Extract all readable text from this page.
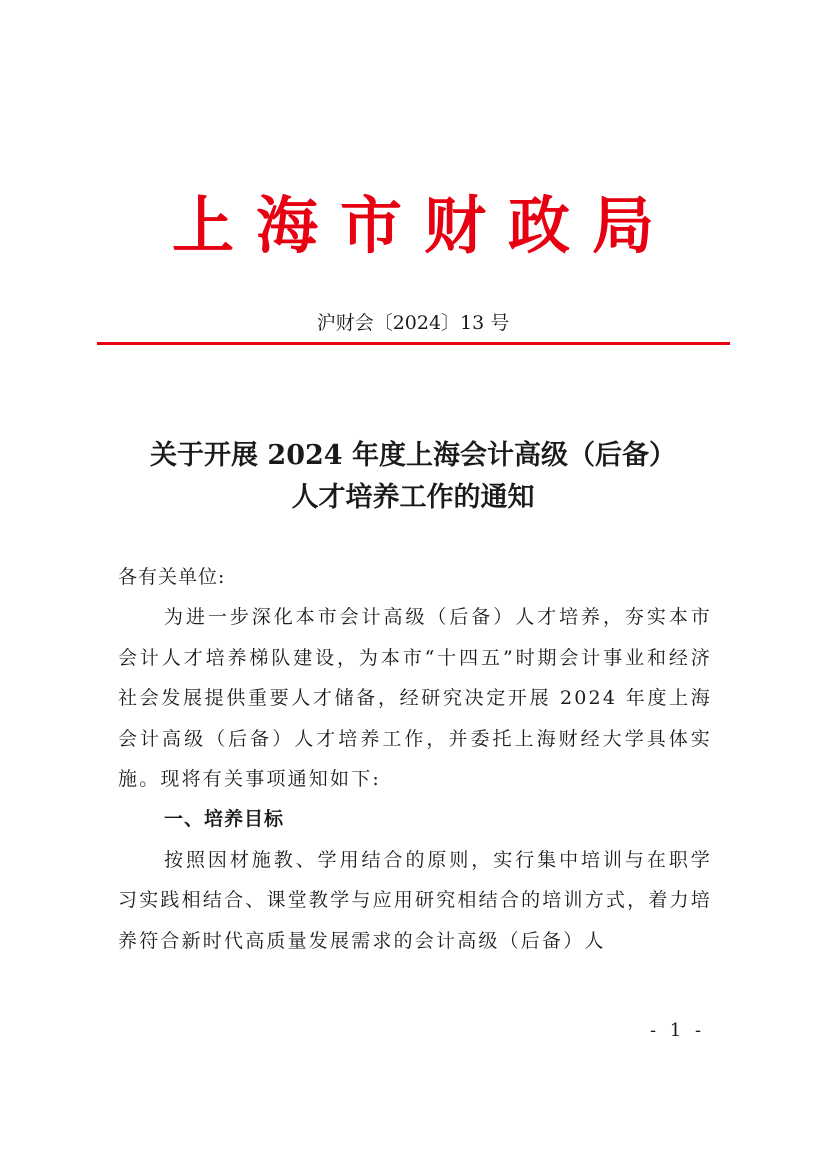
上海市财政局
沪财会〔2024〕13 号
关于开展 2024 年度上海会计高级（后备）
人才培养工作的通知

各有关单位:

为进一步深化本市会计高级（后备）人才培养，夯实本市会计人才培养梯队建设，为本市“十四五”时期会计事业和经济社会发展提供重要人才储备，经研究决定开展 2024 年度上海会计高级（后备）人才培养工作，并委托上海财经大学具体实施。现将有关事项通知如下:

一、培养目标

按照因材施教、学用结合的原则，实行集中培训与在职学习实践相结合、课堂教学与应用研究相结合的培训方式，着力培养符合新时代高质量发展需求的会计高级（后备）人

- 1 -
